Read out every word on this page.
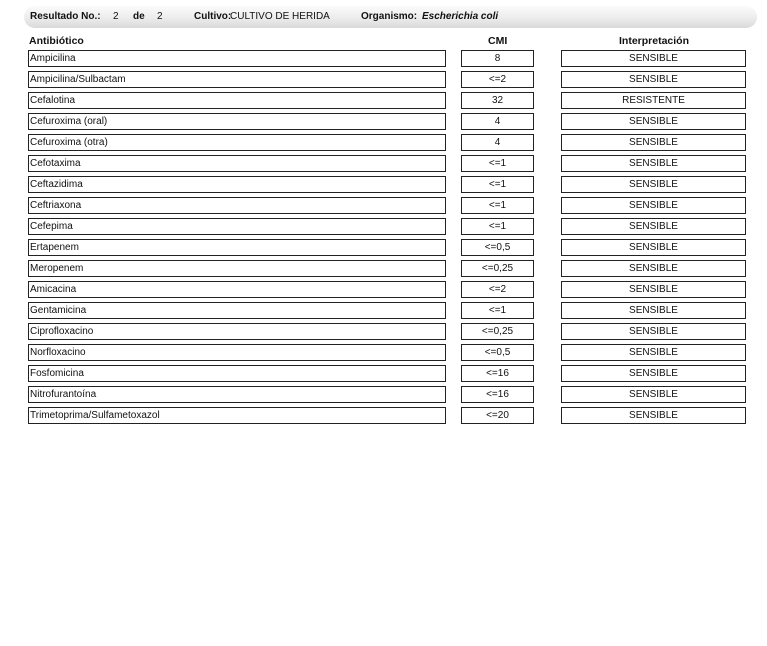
Resultado No.: 2 de 2	Cultivo:
CULTIVO DE HERIDA	Organismo: Escherichia coli
Antibiótico	CMI	Interpretación
Ampicilina	8	SENSIBLE
Ampicilina/Sulbactam	<=2	SENSIBLE
Cefalotina	32	RESISTENTE
Cefuroxima (oral)	4	SENSIBLE
Cefuroxima (otra)	4	SENSIBLE
Cefotaxima	<=1	SENSIBLE
Ceftazidima	<=1	SENSIBLE
Ceftriaxona	<=1	SENSIBLE
Cefepima	<=1	SENSIBLE
Ertapenem	<=0,5	SENSIBLE
Meropenem	<=0,25	SENSIBLE
Amicacina	<=2	SENSIBLE
Gentamicina	<=1	SENSIBLE
Ciprofloxacino	<=0,25	SENSIBLE
Norfloxacino	<=0,5	SENSIBLE
Fosfomicina	<=16	SENSIBLE
Nitrofurantoína	<=16	SENSIBLE
Trimetoprima/Sulfametoxazol	<=20	SENSIBLE
